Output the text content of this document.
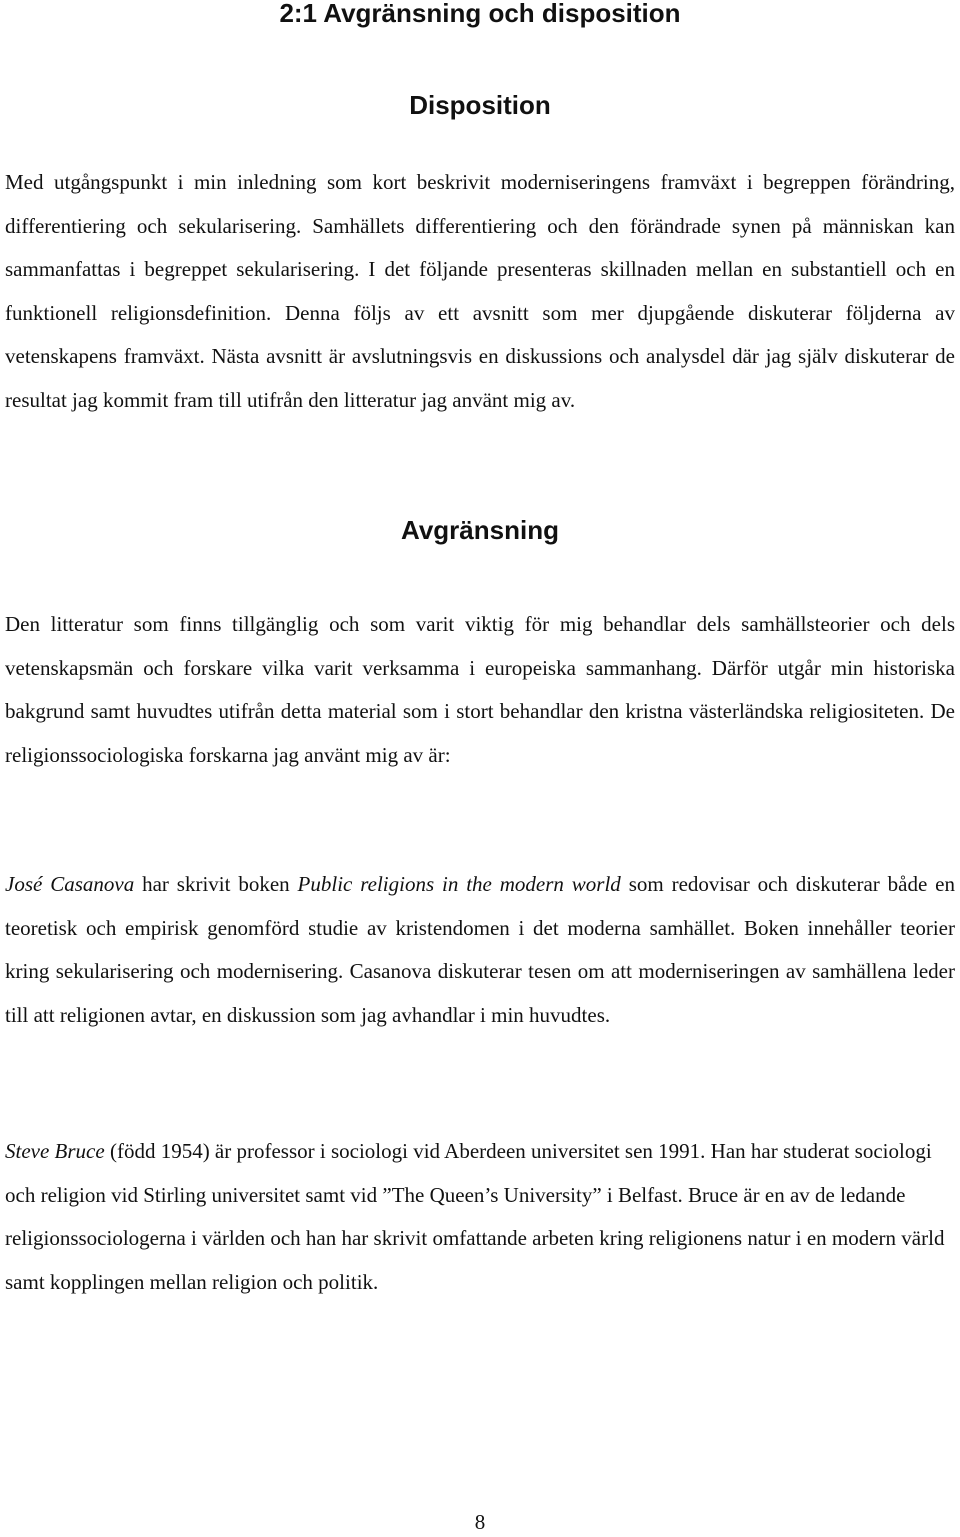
2:1 Avgränsning och disposition
Disposition

Med utgångspunkt i min inledning som kort beskrivit moderniseringens framväxt i begreppen förändring, differentiering och sekularisering. Samhällets differentiering och den förändrade synen på människan kan sammanfattas i begreppet sekularisering. I det följande presenteras skillnaden mellan en substantiell och en funktionell religionsdefinition. Denna följs av ett avsnitt som mer djupgående diskuterar följderna av vetenskapens framväxt. Nästa avsnitt är avslutningsvis en diskussions och analysdel där jag själv diskuterar de resultat jag kommit fram till utifrån den litteratur jag använt mig av.

Avgränsning

Den litteratur som finns tillgänglig och som varit viktig för mig behandlar dels samhällsteorier och dels vetenskapsmän och forskare vilka varit verksamma i europeiska sammanhang. Därför utgår min historiska bakgrund samt huvudtes utifrån detta material som i stort behandlar den kristna västerländska religiositeten. De religionssociologiska forskarna jag använt mig av är:

José Casanova har skrivit boken Public religions in the modern world som redovisar och diskuterar både en teoretisk och empirisk genomförd studie av kristendomen i det moderna samhället. Boken innehåller teorier kring sekularisering och modernisering. Casanova diskuterar tesen om att moderniseringen av samhällena leder till att religionen avtar, en diskussion som jag avhandlar i min huvudtes.

Steve Bruce (född 1954) är professor i sociologi vid Aberdeen universitet sen 1991. Han har studerat sociologi och religion vid Stirling universitet samt vid ”The Queen’s University” i Belfast. Bruce är en av de ledande religionssociologerna i världen och han har skrivit omfattande arbeten kring religionens natur i en modern värld samt kopplingen mellan religion och politik.

8
